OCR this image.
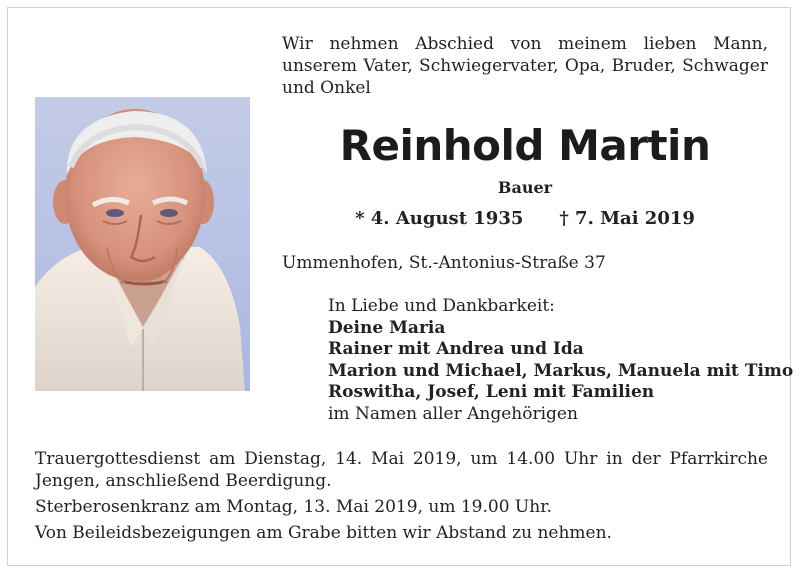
Wir nehmen Abschied von meinem lieben Mann, unserem Vater, Schwiegervater, Opa, Bruder, Schwager und Onkel

Reinhold Martin

Bauer

* 4. August 1935 † 7. Mai 2019

Ummenhofen, St.-Antonius-Straße 37

In Liebe und Dankbarkeit:
Deine Maria
Rainer mit Andrea und Ida
Marion und Michael, Markus, Manuela mit Timo
Roswitha, Josef, Leni mit Familien
im Namen aller Angehörigen

Trauergottesdienst am Dienstag, 14. Mai 2019, um 14.00 Uhr in der Pfarrkirche Jengen, anschließend Beerdigung.

Sterberosenkranz am Montag, 13. Mai 2019, um 19.00 Uhr.

Von Beileidsbezeigungen am Grabe bitten wir Abstand zu nehmen.
